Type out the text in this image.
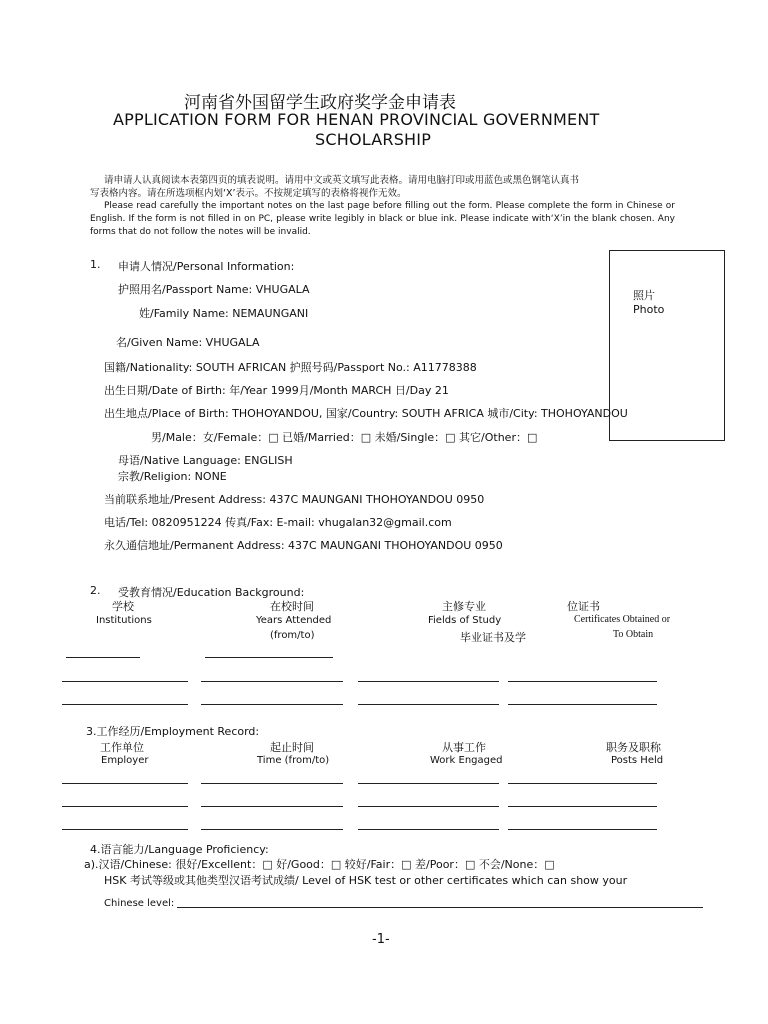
河南省外国留学生政府奖学金申请表
APPLICATION FORM FOR HENAN PROVINCIAL GOVERNMENT
SCHOLARSHIP
请申请人认真阅读本表第四页的填表说明。请用中文或英文填写此表格。请用电脑打印或用蓝色或黑色钢笔认真书
写表格内容。请在所选项框内划‘X’表示。不按规定填写的表格将视作无效。
Please read carefully the important notes on the last page before filling out the form. Please complete the form in Chinese or English. If the form is not filled in on PC, please write legibly in black or blue ink. Please indicate with‘X’in the blank chosen. Any forms that do not follow the notes will be invalid.
照片
Photo
1. 申请人情况/Personal Information:
护照用名/Passport Name: VHUGALA
姓/Family Name: NEMAUNGANI
名/Given Name: VHUGALA
国籍/Nationality: SOUTH AFRICAN 护照号码/Passport No.: A11778388
出生日期/Date of Birth: 年/Year 1999月/Month MARCH 日/Day 21
出生地点/Place of Birth: THOHOYANDOU, 国家/Country: SOUTH AFRICA 城市/City: THOHOYANDOU
男/Male：女/Female：□ 已婚/Married：□ 未婚/Single：□ 其它/Other：□
母语/Native Language: ENGLISH
宗教/Religion: NONE
当前联系地址/Present Address: 437C MAUNGANI THOHOYANDOU 0950
电话/Tel: 0820951224 传真/Fax: E-mail: vhugalan32@gmail.com
永久通信地址/Permanent Address: 437C MAUNGANI THOHOYANDOU 0950
2. 受教育情况/Education Background:
学校
Institutions
在校时间
Years Attended
(from/to)
主修专业
Fields of Study
毕业证书及学
位证书
Certificates Obtained or
To Obtain
3.工作经历/Employment Record:
工作单位
Employer
起止时间
Time (from/to)
从事工作
Work Engaged
职务及职称
Posts Held
4.语言能力/Language Proficiency:
a).汉语/Chinese: 很好/Excellent：□ 好/Good：□ 较好/Fair：□ 差/Poor：□ 不会/None：□
HSK 考试等级或其他类型汉语考试成绩/ Level of HSK test or other certificates which can show your
Chinese level:
-1-
